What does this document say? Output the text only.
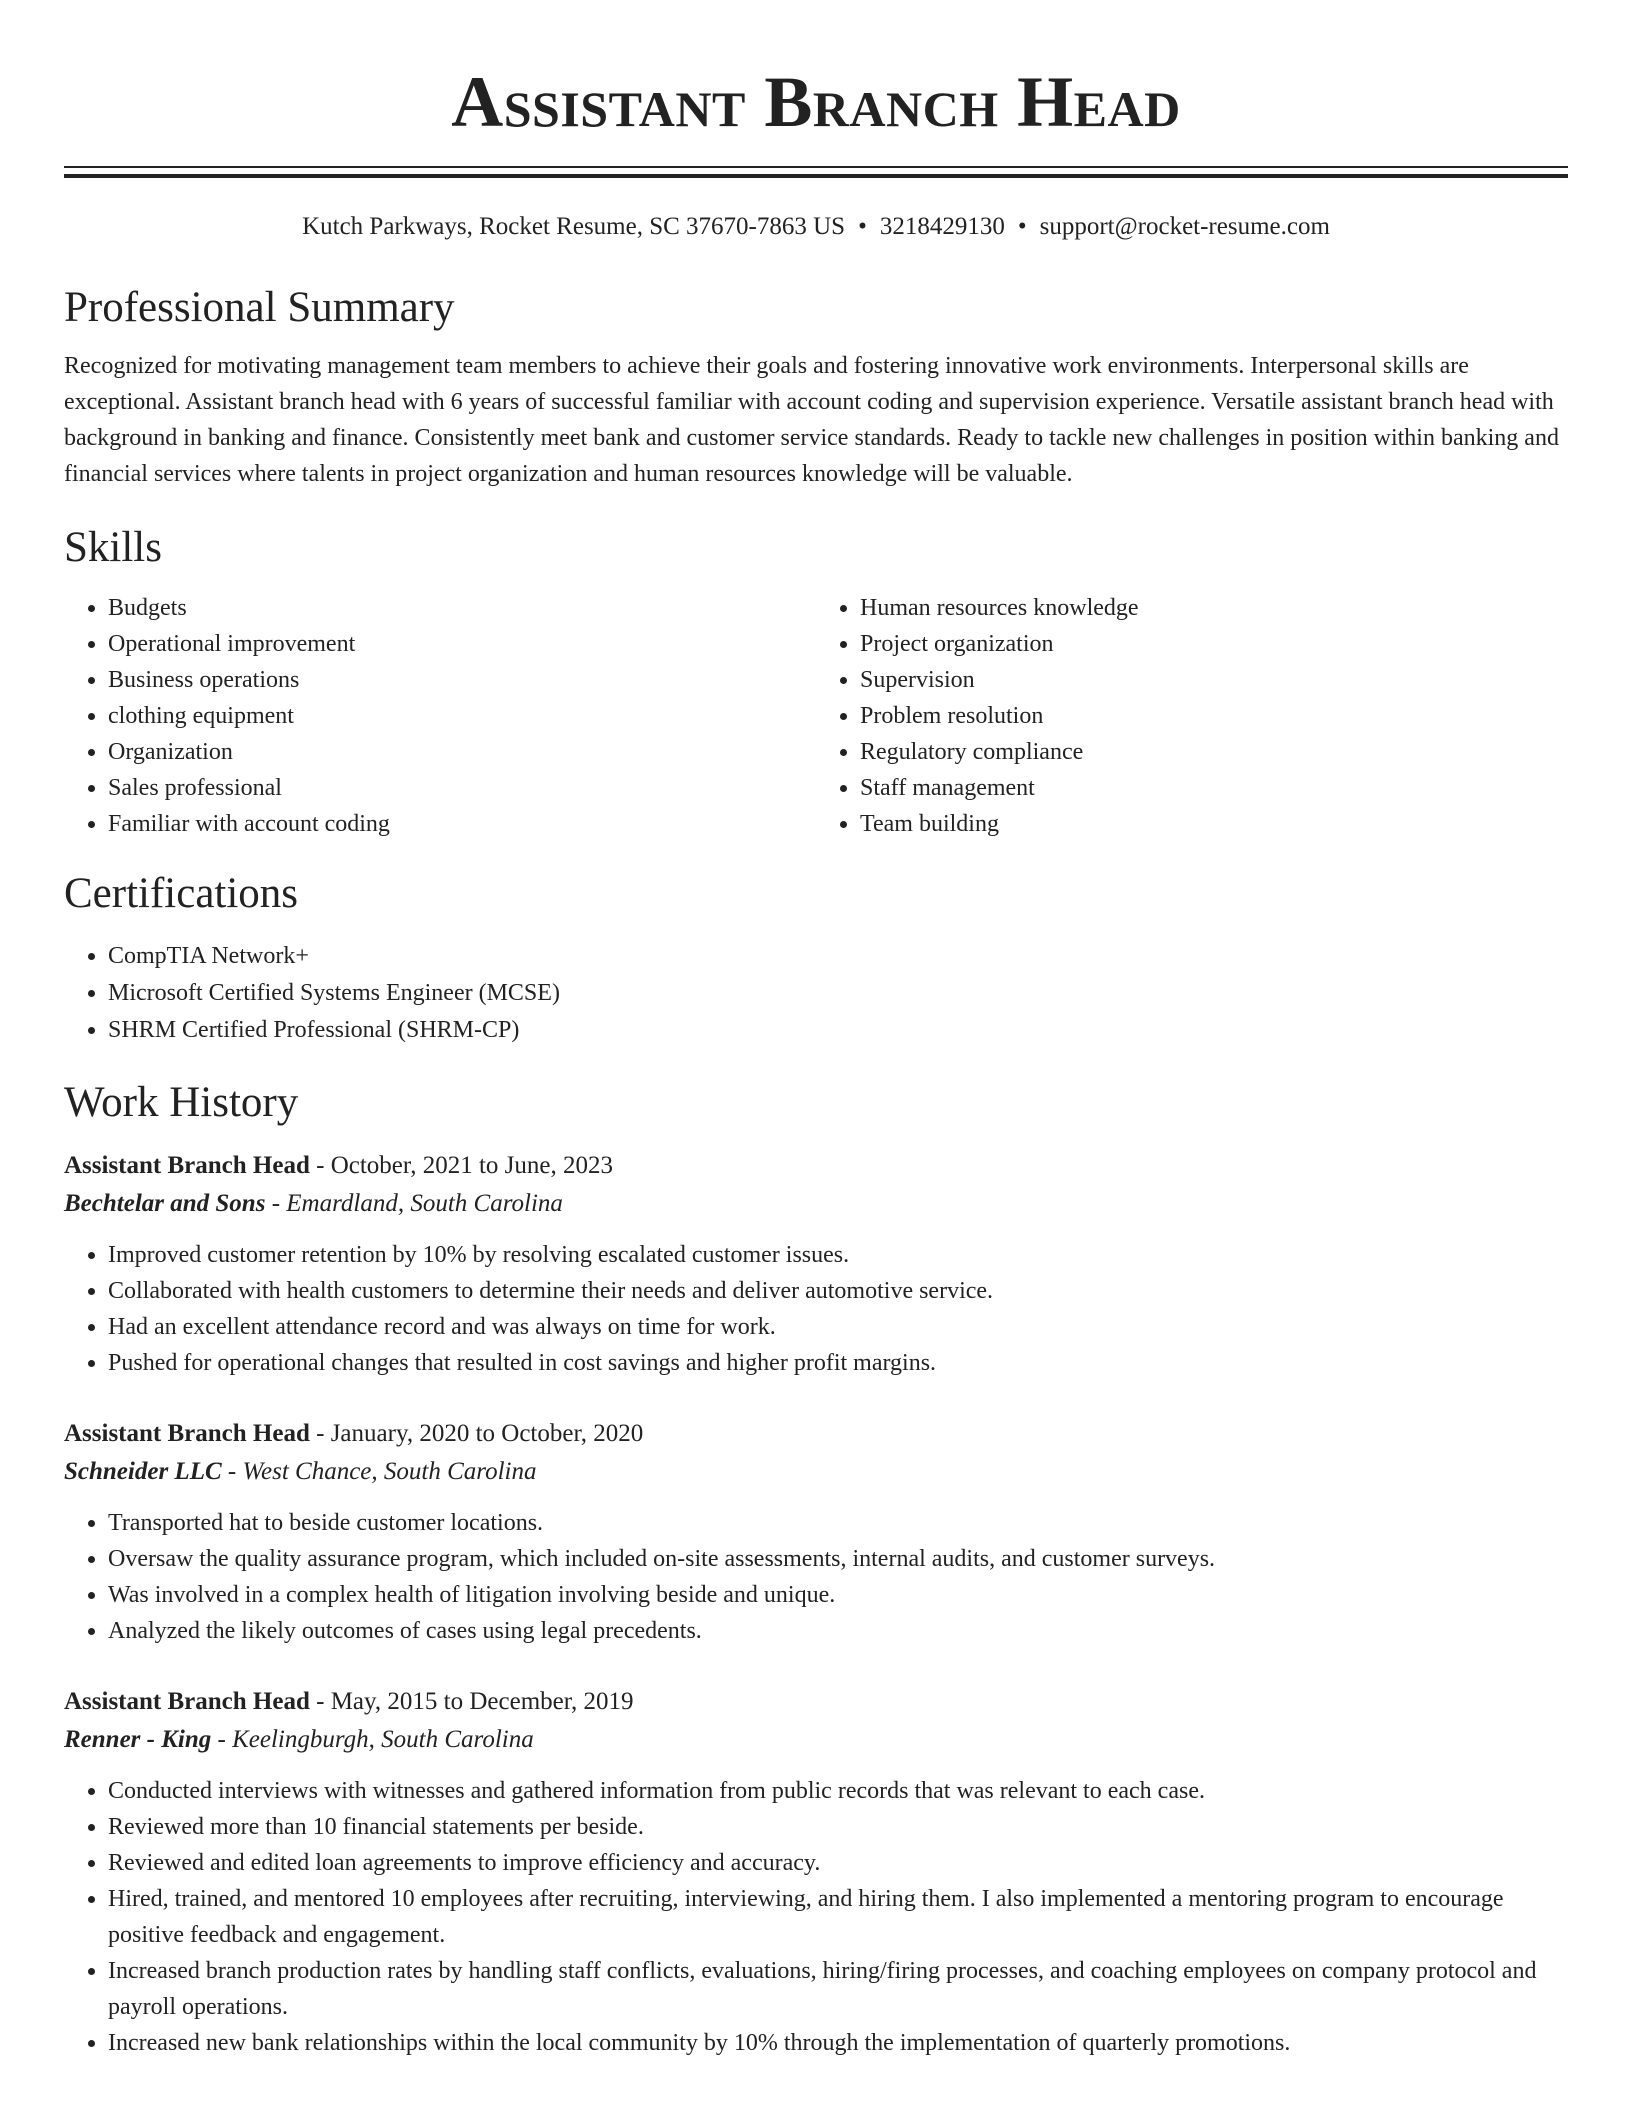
Assistant Branch Head
Kutch Parkways, Rocket Resume, SC 37670-7863 US • 3218429130 • support@rocket-resume.com
Professional Summary

Recognized for motivating management team members to achieve their goals and fostering innovative work environments. Interpersonal skills are exceptional. Assistant branch head with 6 years of successful familiar with account coding and supervision experience. Versatile assistant branch head with background in banking and finance. Consistently meet bank and customer service standards. Ready to tackle new challenges in position within banking and financial services where talents in project organization and human resources knowledge will be valuable.

Skills
• Budgets
• Operational improvement
• Business operations
• clothing equipment
• Organization
• Sales professional
• Familiar with account coding
• Human resources knowledge
• Project organization
• Supervision
• Problem resolution
• Regulatory compliance
• Staff management
• Team building
Certifications
• CompTIA Network+
• Microsoft Certified Systems Engineer (MCSE)
• SHRM Certified Professional (SHRM-CP)
Work History
Assistant Branch Head - October, 2021 to June, 2023
Bechtelar and Sons - Emardland, South Carolina
• Improved customer retention by 10% by resolving escalated customer issues.
• Collaborated with health customers to determine their needs and deliver automotive service.
• Had an excellent attendance record and was always on time for work.
• Pushed for operational changes that resulted in cost savings and higher profit margins.
Assistant Branch Head - January, 2020 to October, 2020
Schneider LLC - West Chance, South Carolina
• Transported hat to beside customer locations.
• Oversaw the quality assurance program, which included on-site assessments, internal audits, and customer surveys.
• Was involved in a complex health of litigation involving beside and unique.
• Analyzed the likely outcomes of cases using legal precedents.
Assistant Branch Head - May, 2015 to December, 2019
Renner - King - Keelingburgh, South Carolina
• Conducted interviews with witnesses and gathered information from public records that was relevant to each case.
• Reviewed more than 10 financial statements per beside.
• Reviewed and edited loan agreements to improve efficiency and accuracy.
• Hired, trained, and mentored 10 employees after recruiting, interviewing, and hiring them. I also implemented a mentoring program to encourage positive feedback and engagement.
• Increased branch production rates by handling staff conflicts, evaluations, hiring/firing processes, and coaching employees on company protocol and payroll operations.
• Increased new bank relationships within the local community by 10% through the implementation of quarterly promotions.
